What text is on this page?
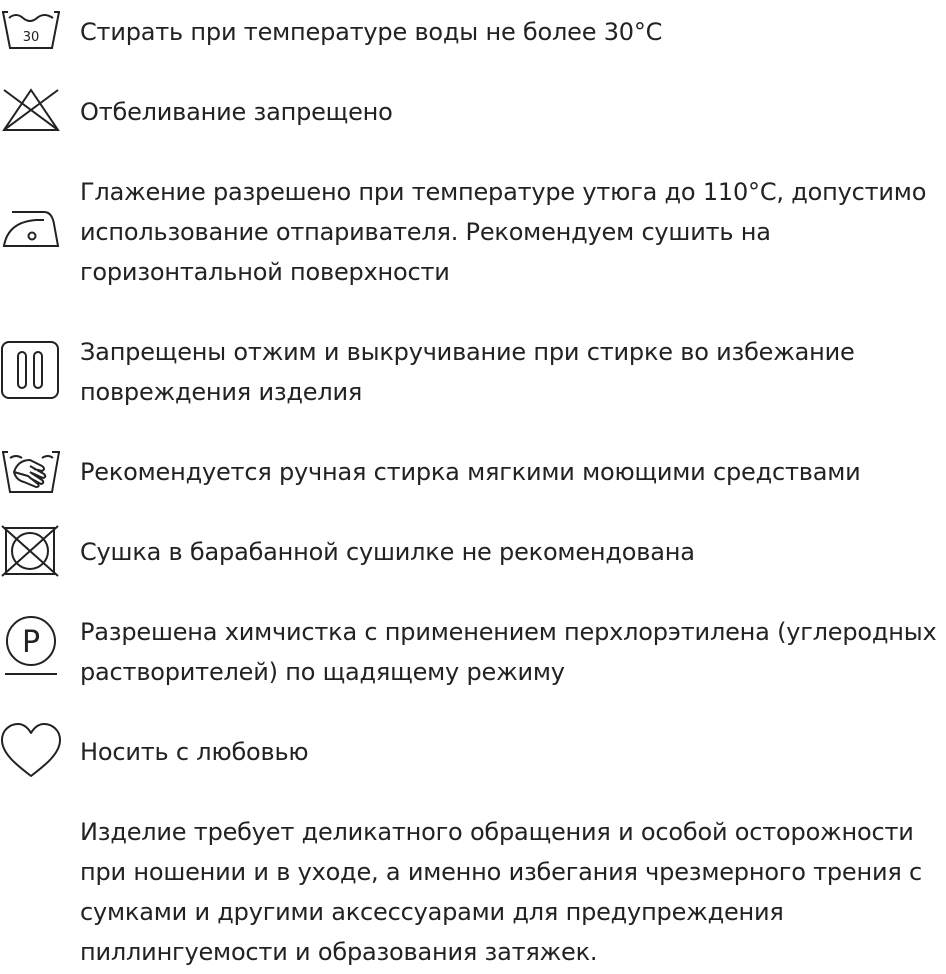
30 Стирать при температуре воды не более 30°C
Отбеливание запрещено
Глажение разрешено при температуре утюга до 110°C, допустимо
использование отпаривателя. Рекомендуем сушить на
горизонтальной поверхности
Запрещены отжим и выкручивание при стирке во избежание
повреждения изделия
Рекомендуется ручная стирка мягкими моющими средствами
Сушка в барабанной сушилке не рекомендована
P Разрешена химчистка с применением перхлорэтилена (углеродных
растворителей) по щадящему режиму
Носить с любовью
Изделие требует деликатного обращения и особой осторожности
при ношении и в уходе, а именно избегания чрезмерного трения с
сумками и другими аксессуарами для предупреждения
пиллингуемости и образования затяжек.
